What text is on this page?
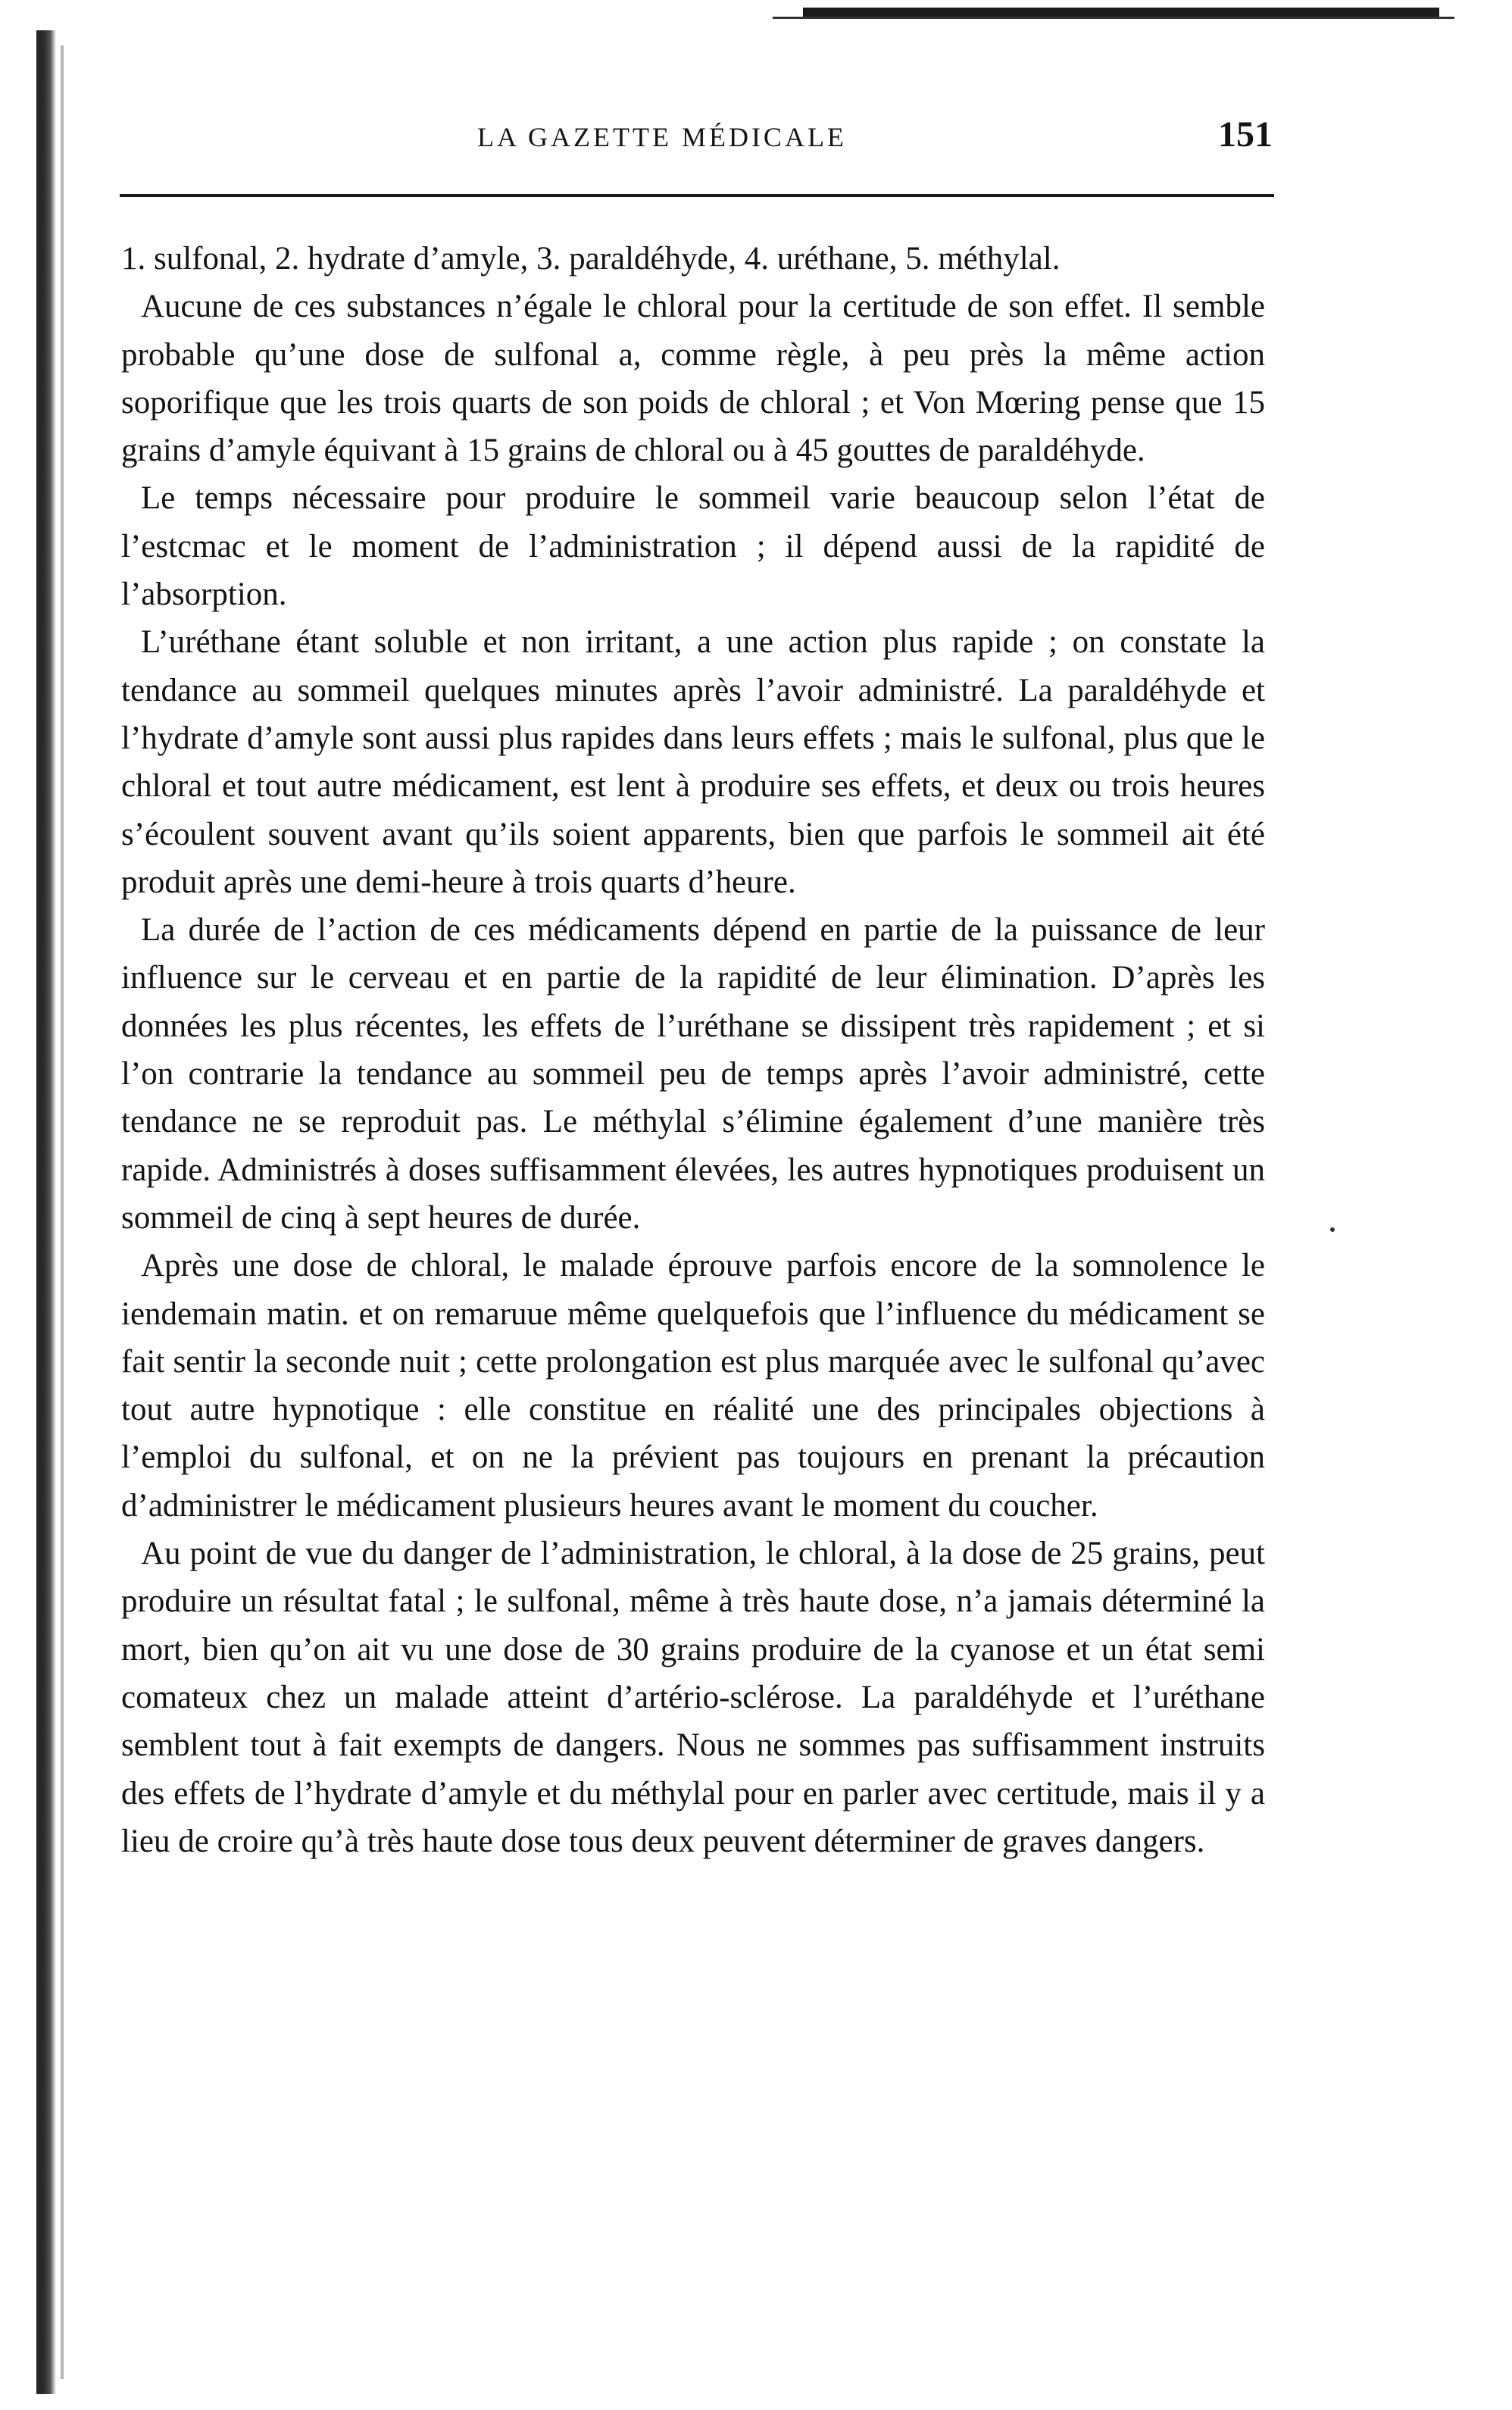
LA GAZETTE MÉDICALE	151

1. sulfonal, 2. hydrate d’amyle, 3. paraldéhyde, 4. uréthane, 5. méthylal.

Aucune de ces substances n’égale le chloral pour la certitude de son effet. Il semble probable qu’une dose de sulfonal a, comme règle, à peu près la même action soporifique que les trois quarts de son poids de chloral ; et Von Mœring pense que 15 grains d’amyle équivant à 15 grains de chloral ou à 45 gouttes de paraldéhyde.

Le temps nécessaire pour produire le sommeil varie beaucoup selon l’état de l’estcmac et le moment de l’administration ; il dépend aussi de la rapidité de l’absorption.

L’uréthane étant soluble et non irritant, a une action plus rapide ; on constate la tendance au sommeil quelques minutes après l’avoir administré. La paraldéhyde et l’hydrate d’amyle sont aussi plus rapides dans leurs effets ; mais le sulfonal, plus que le chloral et tout autre médicament, est lent à produire ses effets, et deux ou trois heures s’écoulent souvent avant qu’ils soient apparents, bien que parfois le sommeil ait été produit après une demi-heure à trois quarts d’heure.

La durée de l’action de ces médicaments dépend en partie de la puissance de leur influence sur le cerveau et en partie de la rapidité de leur élimination. D’après les données les plus récentes, les effets de l’uréthane se dissipent très rapidement ; et si l’on contrarie la tendance au sommeil peu de temps après l’avoir administré, cette tendance ne se reproduit pas. Le méthylal s’élimine également d’une manière très rapide. Administrés à doses suffisamment élevées, les autres hypnotiques produisent un sommeil de cinq à sept heures de durée.

Après une dose de chloral, le malade éprouve parfois encore de la somnolence le iendemain matin. et on remaruue même quelquefois que l’influence du médicament se fait sentir la seconde nuit ; cette prolongation est plus marquée avec le sulfonal qu’avec tout autre hypnotique : elle constitue en réalité une des principales objections à l’emploi du sulfonal, et on ne la prévient pas toujours en prenant la précaution d’administrer le médicament plusieurs heures avant le moment du coucher.

Au point de vue du danger de l’administration, le chloral, à la dose de 25 grains, peut produire un résultat fatal ; le sulfonal, même à très haute dose, n’a jamais déterminé la mort, bien qu’on ait vu une dose de 30 grains produire de la cyanose et un état semi comateux chez un malade atteint d’artério-sclérose. La paraldéhyde et l’uréthane semblent tout à fait exempts de dangers. Nous ne sommes pas suffisamment instruits des effets de l’hydrate d’amyle et du méthylal pour en parler avec certitude, mais il y a lieu de croire qu’à très haute dose tous deux peuvent déterminer de graves dangers.
